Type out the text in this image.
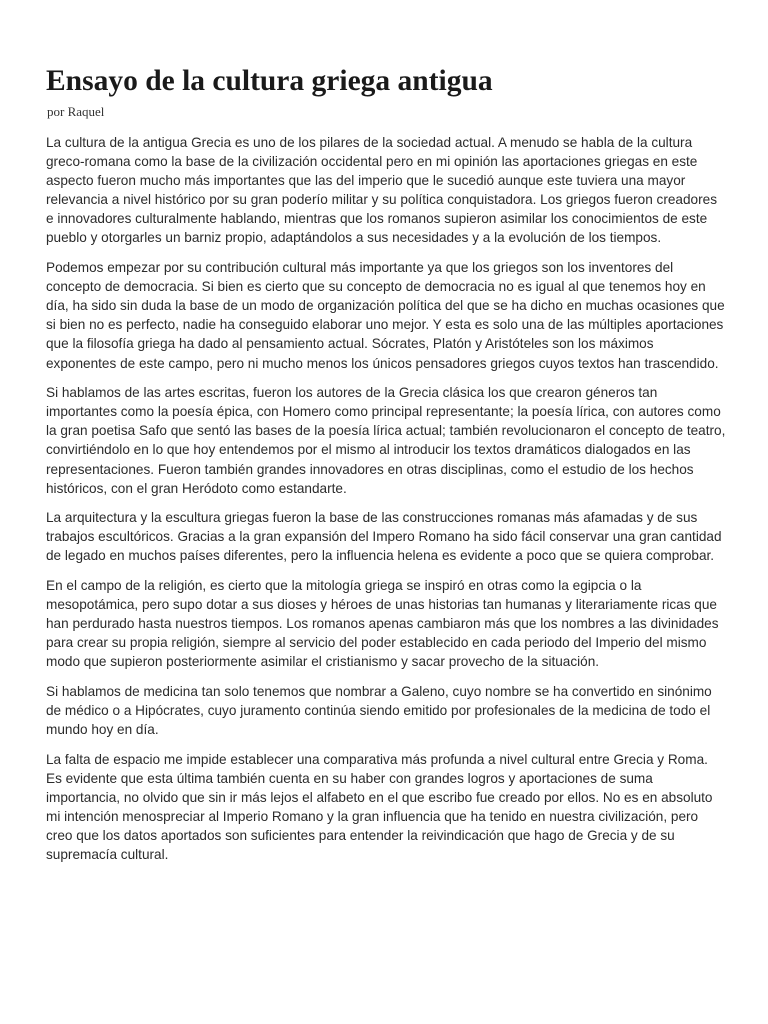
Ensayo de la cultura griega antigua
por Raquel

La cultura de la antigua Grecia es uno de los pilares de la sociedad actual. A menudo se habla de la cultura greco-romana como la base de la civilización occidental pero en mi opinión las aportaciones griegas en este aspecto fueron mucho más importantes que las del imperio que le sucedió aunque este tuviera una mayor relevancia a nivel histórico por su gran poderío militar y su política conquistadora. Los griegos fueron creadores e innovadores culturalmente hablando, mientras que los romanos supieron asimilar los conocimientos de este pueblo y otorgarles un barniz propio, adaptándolos a sus necesidades y a la evolución de los tiempos.

Podemos empezar por su contribución cultural más importante ya que los griegos son los inventores del concepto de democracia. Si bien es cierto que su concepto de democracia no es igual al que tenemos hoy en día, ha sido sin duda la base de un modo de organización política del que se ha dicho en muchas ocasiones que si bien no es perfecto, nadie ha conseguido elaborar uno mejor. Y esta es solo una de las múltiples aportaciones que la filosofía griega ha dado al pensamiento actual. Sócrates, Platón y Aristóteles son los máximos exponentes de este campo, pero ni mucho menos los únicos pensadores griegos cuyos textos han trascendido.

Si hablamos de las artes escritas, fueron los autores de la Grecia clásica los que crearon géneros tan importantes como la poesía épica, con Homero como principal representante; la poesía lírica, con autores como la gran poetisa Safo que sentó las bases de la poesía lírica actual; también revolucionaron el concepto de teatro, convirtiéndolo en lo que hoy entendemos por el mismo al introducir los textos dramáticos dialogados en las representaciones. Fueron también grandes innovadores en otras disciplinas, como el estudio de los hechos históricos, con el gran Heródoto como estandarte.

La arquitectura y la escultura griegas fueron la base de las construcciones romanas más afamadas y de sus trabajos escultóricos. Gracias a la gran expansión del Impero Romano ha sido fácil conservar una gran cantidad de legado en muchos países diferentes, pero la influencia helena es evidente a poco que se quiera comprobar.

En el campo de la religión, es cierto que la mitología griega se inspiró en otras como la egipcia o la mesopotámica, pero supo dotar a sus dioses y héroes de unas historias tan humanas y literariamente ricas que han perdurado hasta nuestros tiempos. Los romanos apenas cambiaron más que los nombres a las divinidades para crear su propia religión, siempre al servicio del poder establecido en cada periodo del Imperio del mismo modo que supieron posteriormente asimilar el cristianismo y sacar provecho de la situación.

Si hablamos de medicina tan solo tenemos que nombrar a Galeno, cuyo nombre se ha convertido en sinónimo de médico o a Hipócrates, cuyo juramento continúa siendo emitido por profesionales de la medicina de todo el mundo hoy en día.

La falta de espacio me impide establecer una comparativa más profunda a nivel cultural entre Grecia y Roma. Es evidente que esta última también cuenta en su haber con grandes logros y aportaciones de suma importancia, no olvido que sin ir más lejos el alfabeto en el que escribo fue creado por ellos. No es en absoluto mi intención menospreciar al Imperio Romano y la gran influencia que ha tenido en nuestra civilización, pero creo que los datos aportados son suficientes para entender la reivindicación que hago de Grecia y de su supremacía cultural.
